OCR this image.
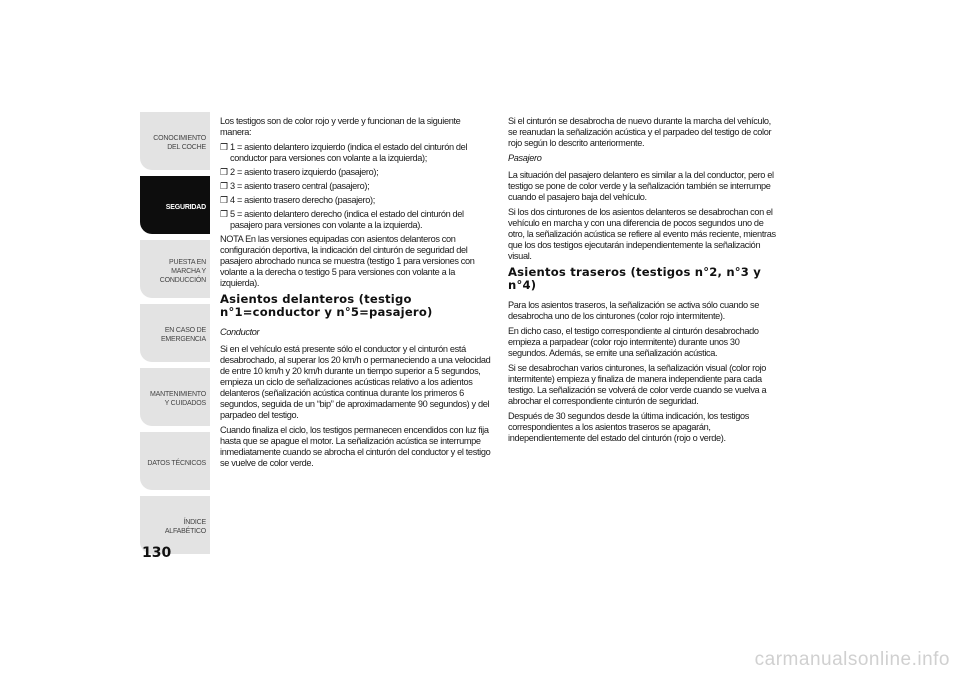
CONOCIMIENTO DEL COCHE
SEGURIDAD
PUESTA EN MARCHA Y CONDUCCIÓN
EN CASO DE EMERGENCIA
MANTENIMIENTO Y CUIDADOS
DATOS TÉCNICOS
ÍNDICE ALFABÉTICO
130

Los testigos son de color rojo y verde y funcionan de la siguiente manera:

❐ 1 = asiento delantero izquierdo (indica el estado del cinturón del conductor para versiones con volante a la izquierda);
❐ 2 = asiento trasero izquierdo (pasajero);
❐ 3 = asiento trasero central (pasajero);
❐ 4 = asiento trasero derecho (pasajero);
❐ 5 = asiento delantero derecho (indica el estado del cinturón del pasajero para versiones con volante a la izquierda).

NOTA En las versiones equipadas con asientos delanteros con configuración deportiva, la indicación del cinturón de seguridad del pasajero abrochado nunca se muestra (testigo 1 para versiones con volante a la derecha o testigo 5 para versiones con volante a la izquierda).

Asientos delanteros (testigo n°1=conductor y n°5=pasajero)
Conductor

Si en el vehículo está presente sólo el conductor y el cinturón está desabrochado, al superar los 20 km/h o permaneciendo a una velocidad de entre 10 km/h y 20 km/h durante un tiempo superior a 5 segundos, empieza un ciclo de señalizaciones acústicas relativo a los adientos delanteros (señalización acústica continua durante los primeros 6 segundos, seguida de un “bip” de aproximadamente 90 segundos) y del parpadeo del testigo.

Cuando finaliza el ciclo, los testigos permanecen encendidos con luz fija hasta que se apague el motor. La señalización acústica se interrumpe inmediatamente cuando se abrocha el cinturón del conductor y el testigo se vuelve de color verde.

Si el cinturón se desabrocha de nuevo durante la marcha del vehículo, se reanudan la señalización acústica y el parpadeo del testigo de color rojo según lo descrito anteriormente.

Pasajero

La situación del pasajero delantero es similar a la del conductor, pero el testigo se pone de color verde y la señalización también se interrumpe cuando el pasajero baja del vehículo.

Si los dos cinturones de los asientos delanteros se desabrochan con el vehículo en marcha y con una diferencia de pocos segundos uno de otro, la señalización acústica se refiere al evento más reciente, mientras que los dos testigos ejecutarán independientemente la señalización visual.

Asientos traseros (testigos n°2, n°3 y n°4)

Para los asientos traseros, la señalización se activa sólo cuando se desabrocha uno de los cinturones (color rojo intermitente).

En dicho caso, el testigo correspondiente al cinturón desabrochado empieza a parpadear (color rojo intermitente) durante unos 30 segundos. Además, se emite una señalización acústica.

Si se desabrochan varios cinturones, la señalización visual (color rojo intermitente) empieza y finaliza de manera independiente para cada testigo. La señalización se volverá de color verde cuando se vuelva a abrochar el correspondiente cinturón de seguridad.

Después de 30 segundos desde la última indicación, los testigos correspondientes a los asientos traseros se apagarán, independientemente del estado del cinturón (rojo o verde).

carmanualsonline.info
